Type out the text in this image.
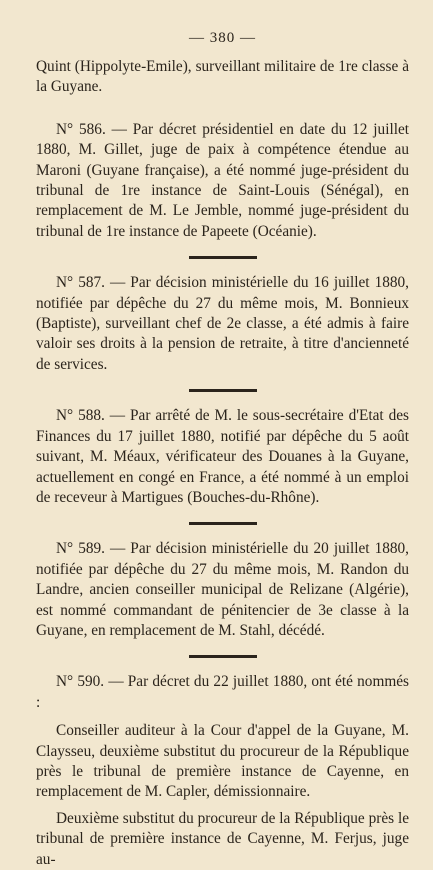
— 380 —

Quint (Hippolyte-Emile), surveillant militaire de 1re classe à la Guyane.

N° 586. — Par décret présidentiel en date du 12 juillet 1880, M. Gillet, juge de paix à compétence étendue au Maroni (Guyane française), a été nommé juge-président du tribunal de 1re instance de Saint-Louis (Sénégal), en remplacement de M. Le Jemble, nommé juge-président du tribunal de 1re instance de Papeete (Océanie).

N° 587. — Par décision ministérielle du 16 juillet 1880, notifiée par dépêche du 27 du même mois, M. Bonnieux (Baptiste), surveillant chef de 2e classe, a été admis à faire valoir ses droits à la pension de retraite, à titre d'ancienneté de services.

N° 588. — Par arrêté de M. le sous-secrétaire d'Etat des Finances du 17 juillet 1880, notifié par dépêche du 5 août suivant, M. Méaux, vérificateur des Douanes à la Guyane, actuellement en congé en France, a été nommé à un emploi de receveur à Martigues (Bouches-du-Rhône).

N° 589. — Par décision ministérielle du 20 juillet 1880, notifiée par dépêche du 27 du même mois, M. Randon du Landre, ancien conseiller municipal de Relizane (Algérie), est nommé commandant de pénitencier de 3e classe à la Guyane, en remplacement de M. Stahl, décédé.

N° 590. — Par décret du 22 juillet 1880, ont été nommés :

Conseiller auditeur à la Cour d'appel de la Guyane, M. Claysseu, deuxième substitut du procureur de la République près le tribunal de première instance de Cayenne, en remplacement de M. Capler, démissionnaire.

Deuxième substitut du procureur de la République près le tribunal de première instance de Cayenne, M. Ferjus, juge au-
